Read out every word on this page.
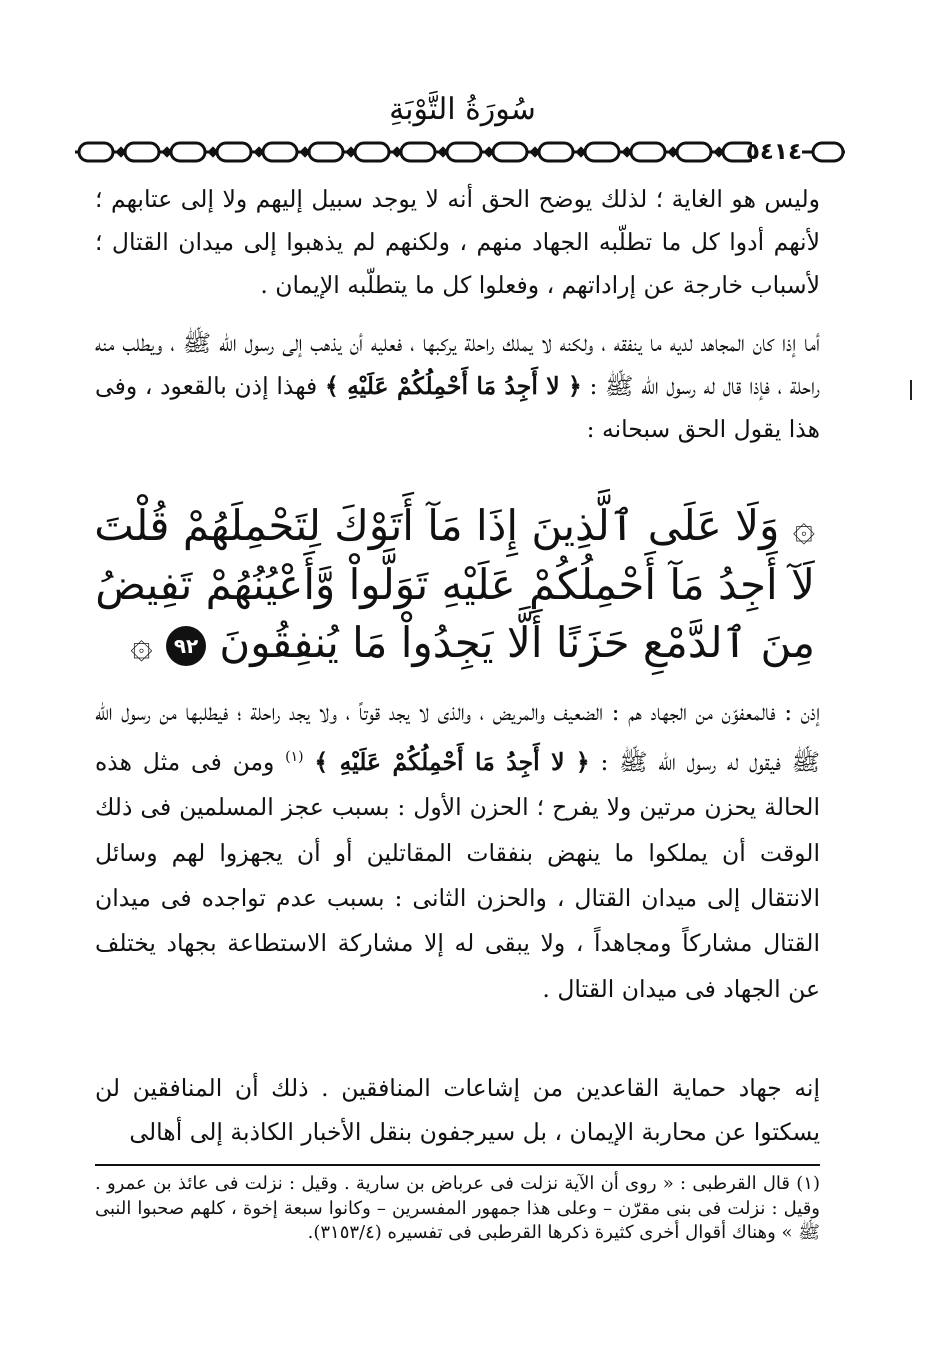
سُورَةُ التَّوْبَةِ
٥٤١٤
وليس هو الغاية ؛ لذلك يوضح الحق أنه لا يوجد سبيل إليهم ولا إلى عتابهم ؛ لأنهم أدوا كل ما تطلّبه الجهاد منهم ، ولكنهم لم يذهبوا إلى ميدان القتال ؛ لأسباب خارجة عن إراداتهم ، وفعلوا كل ما يتطلّبه الإيمان .
أما إذا كان المجاهد لديه ما ينفقه ، ولكنه لا يملك راحلة يركبها ، فعليه أن يذهب إلى رسول الله ﷺ ، ويطلب منه راحلة ، فإذا قال له رسول الله ﷺ : ﴿ لا أَجِدُ مَا أَحْمِلُكُمْ عَلَيْهِ ﴾ فهذا إذن بالقعود ، وفى هذا يقول الحق سبحانه :
۞ وَلَا عَلَى ٱلَّذِينَ إِذَا مَآ أَتَوْكَ لِتَحْمِلَهُمْ قُلْتَ
لَآ أَجِدُ مَآ أَحْمِلُكُمْ عَلَيْهِ تَوَلَّواْ وَّأَعْيُنُهُمْ تَفِيضُ
مِنَ ٱلدَّمْعِ حَزَنًا أَلَّا يَجِدُواْ مَا يُنفِقُونَ ٩٢ ۞
إذن : فالمعفوّن من الجهاد هم : الضعيف والمريض ، والذى لا يجد قوتاً ، ولا يجد راحلة ؛ فيطلبها من رسول الله ﷺ فيقول له رسول الله ﷺ : ﴿ لا أَجِدُ مَا أَحْمِلُكُمْ عَلَيْهِ ﴾ $^{(١)}$ ومن فى مثل هذه الحالة يحزن مرتين ولا يفرح ؛ الحزن الأول : بسبب عجز المسلمين فى ذلك الوقت أن يملكوا ما ينهض بنفقات المقاتلين أو أن يجهزوا لهم وسائل الانتقال إلى ميدان القتال ، والحزن الثانى : بسبب عدم تواجده فى ميدان القتال مشاركاً ومجاهداً ، ولا يبقى له إلا مشاركة الاستطاعة بجهاد يختلف عن الجهاد فى ميدان القتال .
إنه جهاد حماية القاعدين من إشاعات المنافقين . ذلك أن المنافقين لن يسكتوا عن محاربة الإيمان ، بل سيرجفون بنقل الأخبار الكاذبة إلى أهالى
(١) قال القرطبى : « روى أن الآية نزلت فى عرباض بن سارية . وقيل : نزلت فى عائذ بن عمرو . وقيل : نزلت فى بنى مقرّن – وعلى هذا جمهور المفسرين – وكانوا سبعة إخوة ، كلهم صحبوا النبى ﷺ » وهناك أقوال أخرى كثيرة ذكرها القرطبى فى تفسيره (٣١٥٣/٤).
